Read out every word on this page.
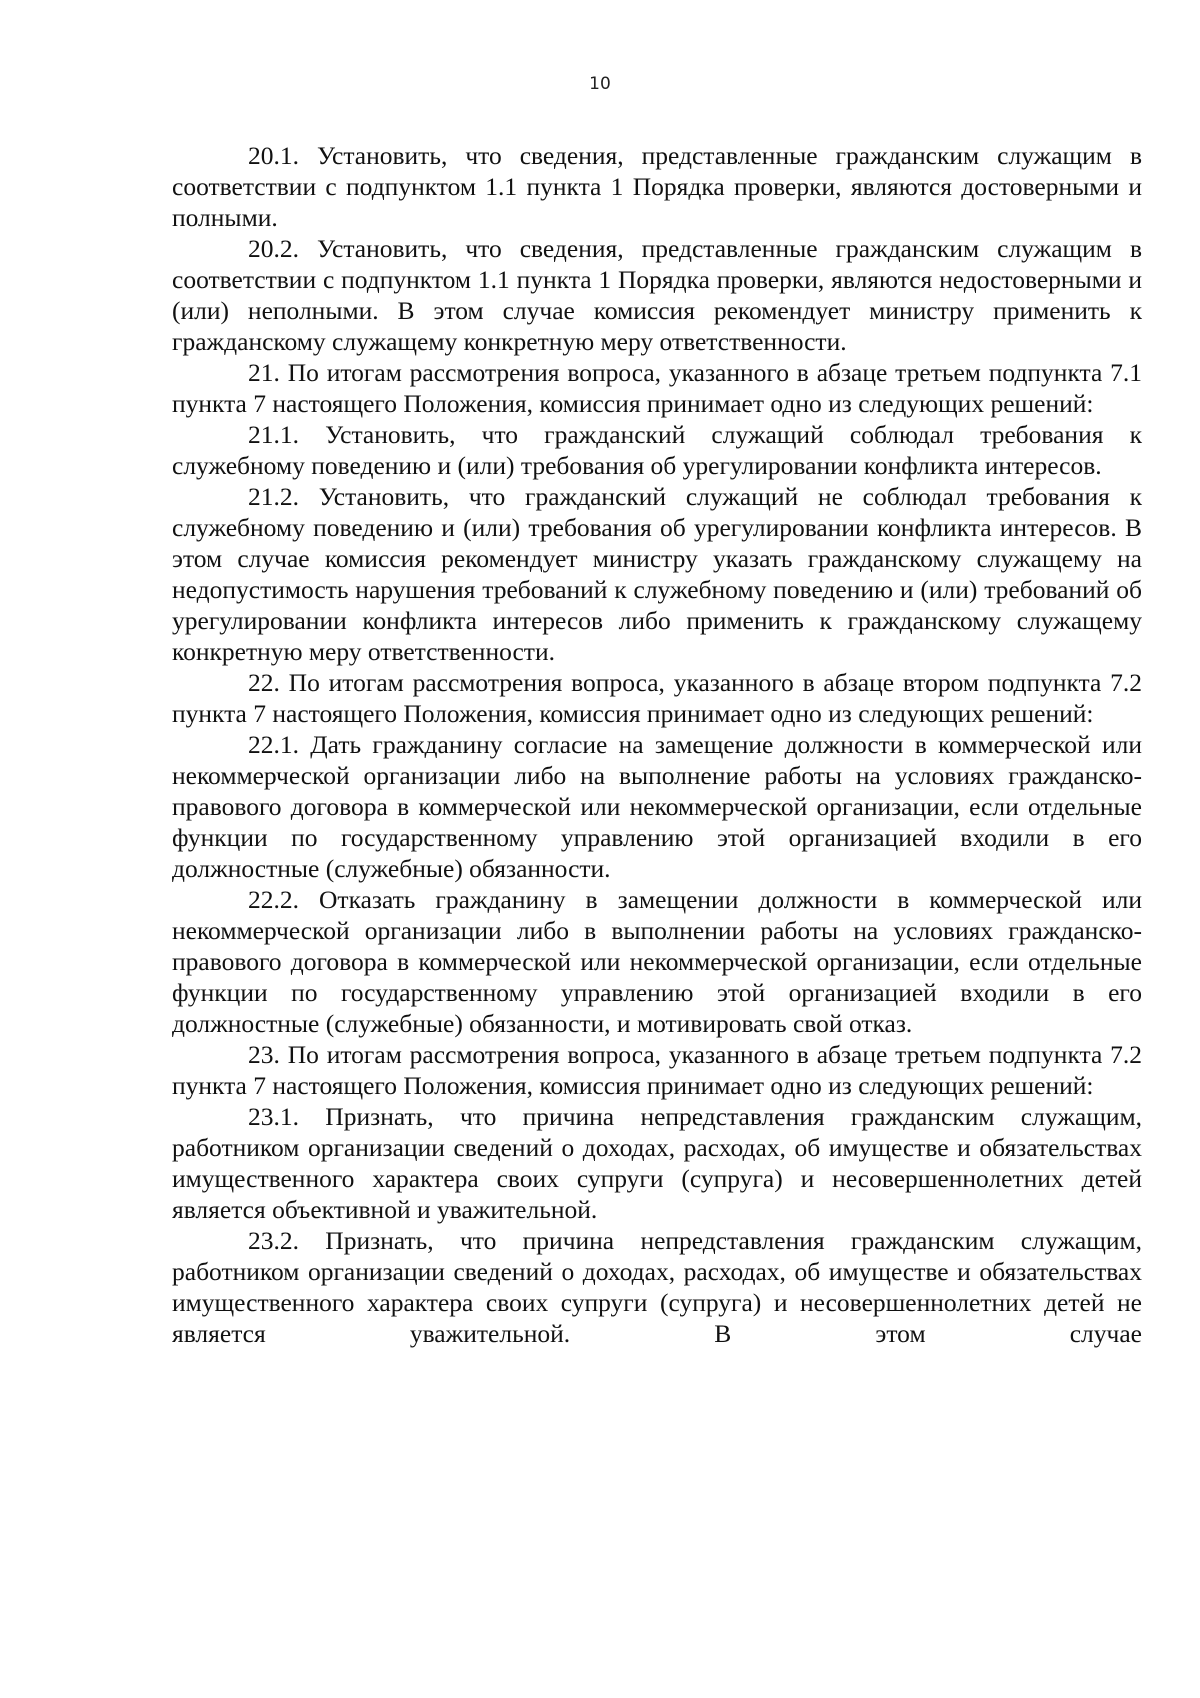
10

20.1. Установить, что сведения, представленные гражданским служащим в соответствии с подпунктом 1.1 пункта 1 Порядка проверки, являются достоверными и полными.

20.2. Установить, что сведения, представленные гражданским служащим в соответствии с подпунктом 1.1 пункта 1 Порядка проверки, являются недостоверными и (или) неполными. В этом случае комиссия рекомендует министру применить к гражданскому служащему конкретную меру ответственности.

21. По итогам рассмотрения вопроса, указанного в абзаце третьем подпункта 7.1 пункта 7 настоящего Положения, комиссия принимает одно из следующих решений:

21.1. Установить, что гражданский служащий соблюдал требования к служебному поведению и (или) требования об урегулировании конфликта интересов.

21.2. Установить, что гражданский служащий не соблюдал требования к служебному поведению и (или) требования об урегулировании конфликта интересов. В этом случае комиссия рекомендует министру указать гражданскому служащему на недопустимость нарушения требований к служебному поведению и (или) требований об урегулировании конфликта интересов либо применить к гражданскому служащему конкретную меру ответственности.

22. По итогам рассмотрения вопроса, указанного в абзаце втором подпункта 7.2 пункта 7 настоящего Положения, комиссия принимает одно из следующих решений:

22.1. Дать гражданину согласие на замещение должности в коммерческой или некоммерческой организации либо на выполнение работы на условиях гражданско-правового договора в коммерческой или некоммерческой организации, если отдельные функции по государственному управлению этой организацией входили в его должностные (служебные) обязанности.

22.2. Отказать гражданину в замещении должности в коммерческой или некоммерческой организации либо в выполнении работы на условиях гражданско-правового договора в коммерческой или некоммерческой организации, если отдельные функции по государственному управлению этой организацией входили в его должностные (служебные) обязанности, и мотивировать свой отказ.

23. По итогам рассмотрения вопроса, указанного в абзаце третьем подпункта 7.2 пункта 7 настоящего Положения, комиссия принимает одно из следующих решений:

23.1. Признать, что причина непредставления гражданским служащим, работником организации сведений о доходах, расходах, об имуществе и обязательствах имущественного характера своих супруги (супруга) и несовершеннолетних детей является объективной и уважительной.

23.2. Признать, что причина непредставления гражданским служащим, работником организации сведений о доходах, расходах, об имуществе и обязательствах имущественного характера своих супруги (супруга) и несовершеннолетних детей не является уважительной. В этом случае
